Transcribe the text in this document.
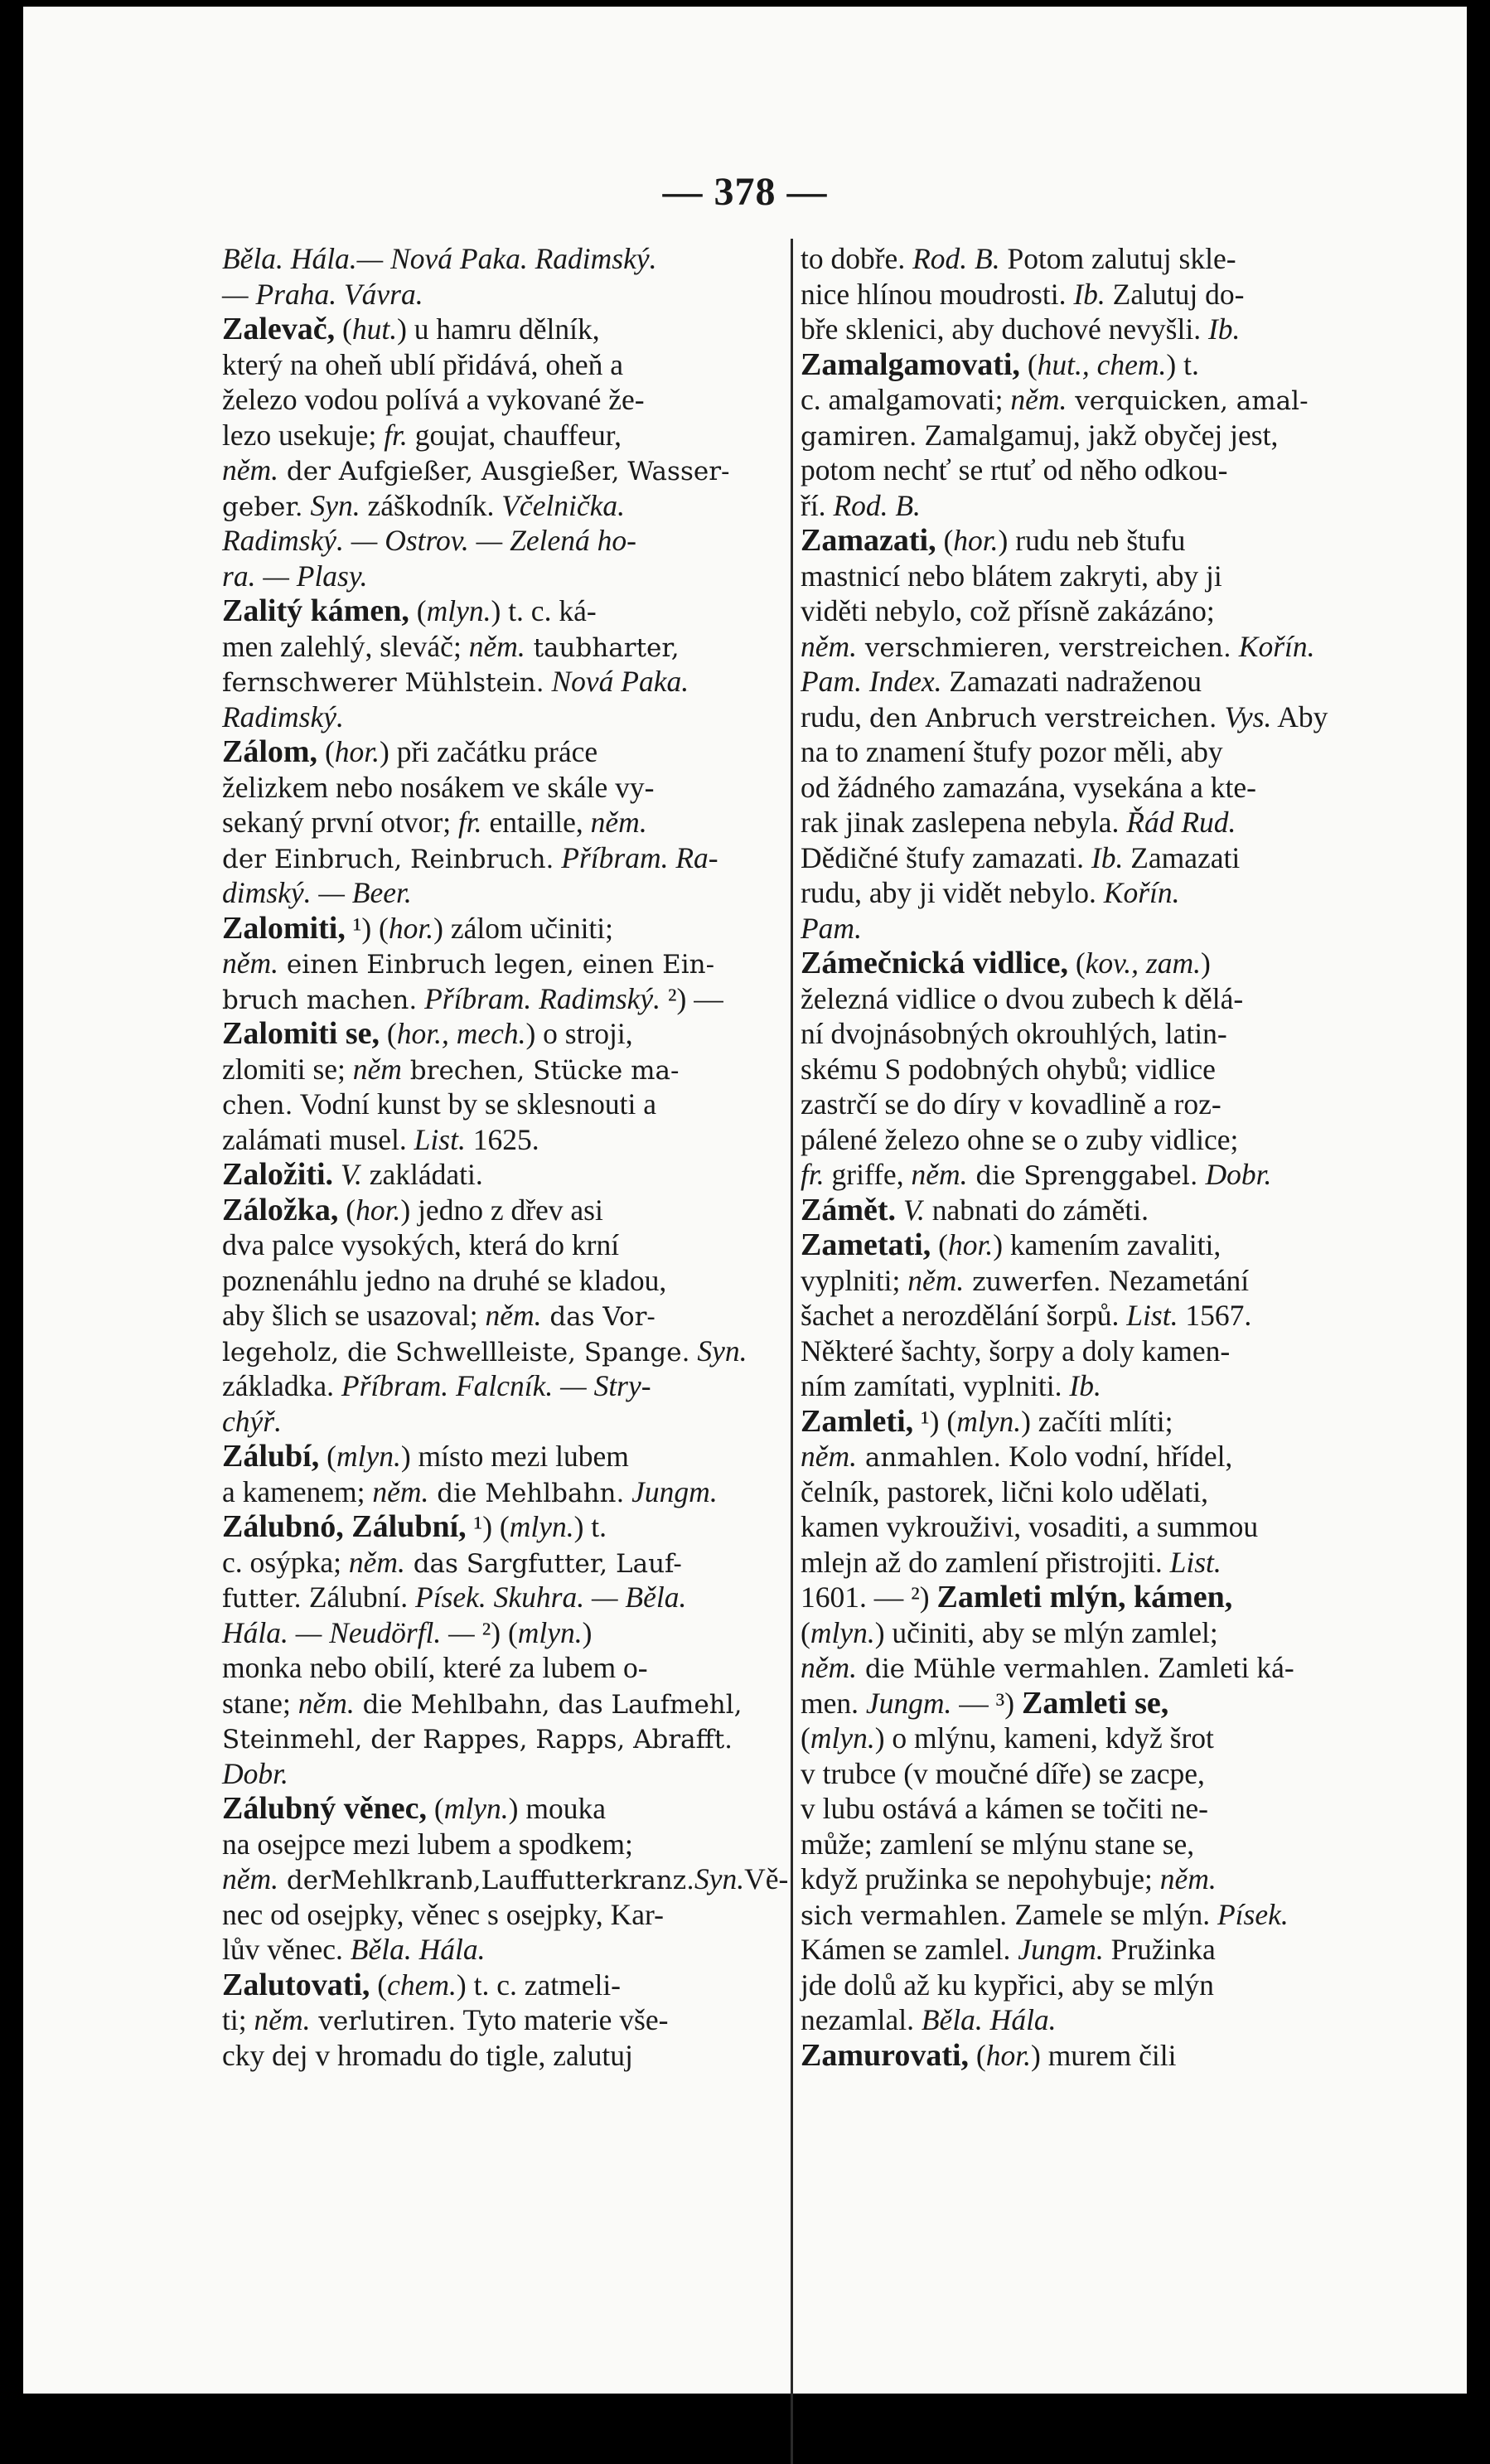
— 378 —
Běla. Hála.— Nová Paka. Radimský.
— Praha. Vávra.
Zalevač, (hut.) u hamru dělník,
který na oheň ublí přidává, oheň a
železo vodou polívá a vykované že-
lezo usekuje; fr. goujat, chauffeur,
něm. der Aufgießer, Ausgießer, Wasser-
geber. Syn. záškodník. Včelnička.
Radimský. — Ostrov. — Zelená ho-
ra. — Plasy.
Zalitý kámen, (mlyn.) t. c. ká-
men zalehlý, sleváč; něm. taubharter,
fernschwerer Mühlstein. Nová Paka.
Radimský.
Zálom, (hor.) při začátku práce
želizkem nebo nosákem ve skále vy-
sekaný první otvor; fr. entaille, něm.
der Einbruch, Reinbruch. Příbram. Ra-
dimský. — Beer.
Zalomiti, ¹) (hor.) zálom učiniti;
něm. einen Einbruch legen, einen Ein-
bruch machen. Příbram. Radimský. ²) —
Zalomiti se, (hor., mech.) o stroji,
zlomiti se; něm brechen, Stücke ma-
chen. Vodní kunst by se sklesnouti a
zalámati musel. List. 1625.
Založiti. V. zakládati.
Záložka, (hor.) jedno z dřev asi
dva palce vysokých, která do krní
poznenáhlu jedno na druhé se kladou,
aby šlich se usazoval; něm. das Vor-
legeholz, die Schwellleiste, Spange. Syn.
základka. Příbram. Falcník. — Stry-
chýř.
Zálubí, (mlyn.) místo mezi lubem
a kamenem; něm. die Mehlbahn. Jungm.
Zálubnó, Zálubní, ¹) (mlyn.) t.
c. osýpka; něm. das Sargfutter, Lauf-
futter. Zálubní. Písek. Skuhra. — Běla.
Hála. — Neudörfl. — ²) (mlyn.)
monka nebo obilí, které za lubem o-
stane; něm. die Mehlbahn, das Laufmehl,
Steinmehl, der Rappes, Rapps, Abrafft.
Dobr.
Zálubný věnec, (mlyn.) mouka
na osejpce mezi lubem a spodkem;
něm. derMehlkranb,Lauffutterkranz.Syn.Vě-
nec od osejpky, věnec s osejpky, Kar-
lův věnec. Běla. Hála.
Zalutovati, (chem.) t. c. zatmeli-
ti; něm. verlutiren. Tyto materie vše-
cky dej v hromadu do tigle, zalutuj
to dobře. Rod. B. Potom zalutuj skle-
nice hlínou moudrosti. Ib. Zalutuj do-
bře sklenici, aby duchové nevyšli. Ib.
Zamalgamovati, (hut., chem.) t.
c. amalgamovati; něm. verquicken, amal-
gamiren. Zamalgamuj, jakž obyčej jest,
potom nechť se rtuť od něho odkou-
ří. Rod. B.
Zamazati, (hor.) rudu neb štufu
mastnicí nebo blátem zakryti, aby ji
viděti nebylo, což přísně zakázáno;
něm. verschmieren, verstreichen. Kořín.
Pam. Index. Zamazati nadraženou
rudu, den Anbruch verstreichen. Vys. Aby
na to znamení štufy pozor měli, aby
od žádného zamazána, vysekána a kte-
rak jinak zaslepena nebyla. Řád Rud.
Dědičné štufy zamazati. Ib. Zamazati
rudu, aby ji vidět nebylo. Kořín.
Pam.
Zámečnická vidlice, (kov., zam.)
železná vidlice o dvou zubech k dělá-
ní dvojnásobných okrouhlých, latin-
skému S podobných ohybů; vidlice
zastrčí se do díry v kovadlině a roz-
pálené železo ohne se o zuby vidlice;
fr. griffe, něm. die Sprenggabel. Dobr.
Zámět. V. nabnati do záměti.
Zametati, (hor.) kamením zavaliti,
vyplniti; něm. zuwerfen. Nezametání
šachet a nerozdělání šorpů. List. 1567.
Některé šachty, šorpy a doly kamen-
ním zamítati, vyplniti. Ib.
Zamleti, ¹) (mlyn.) začíti mlíti;
něm. anmahlen. Kolo vodní, hřídel,
čelník, pastorek, lični kolo udělati,
kamen vykrouživi, vosaditi, a summou
mlejn až do zamlení přistrojiti. List.
1601. — ²) Zamleti mlýn, kámen,
(mlyn.) učiniti, aby se mlýn zamlel;
něm. die Mühle vermahlen. Zamleti ká-
men. Jungm. — ³) Zamleti se,
(mlyn.) o mlýnu, kameni, když šrot
v trubce (v moučné díře) se zacpe,
v lubu ostává a kámen se točiti ne-
může; zamlení se mlýnu stane se,
když pružinka se nepohybuje; něm.
sich vermahlen. Zamele se mlýn. Písek.
Kámen se zamlel. Jungm. Pružinka
jde dolů až ku kypřici, aby se mlýn
nezamlal. Běla. Hála.
Zamurovati, (hor.) murem čili
